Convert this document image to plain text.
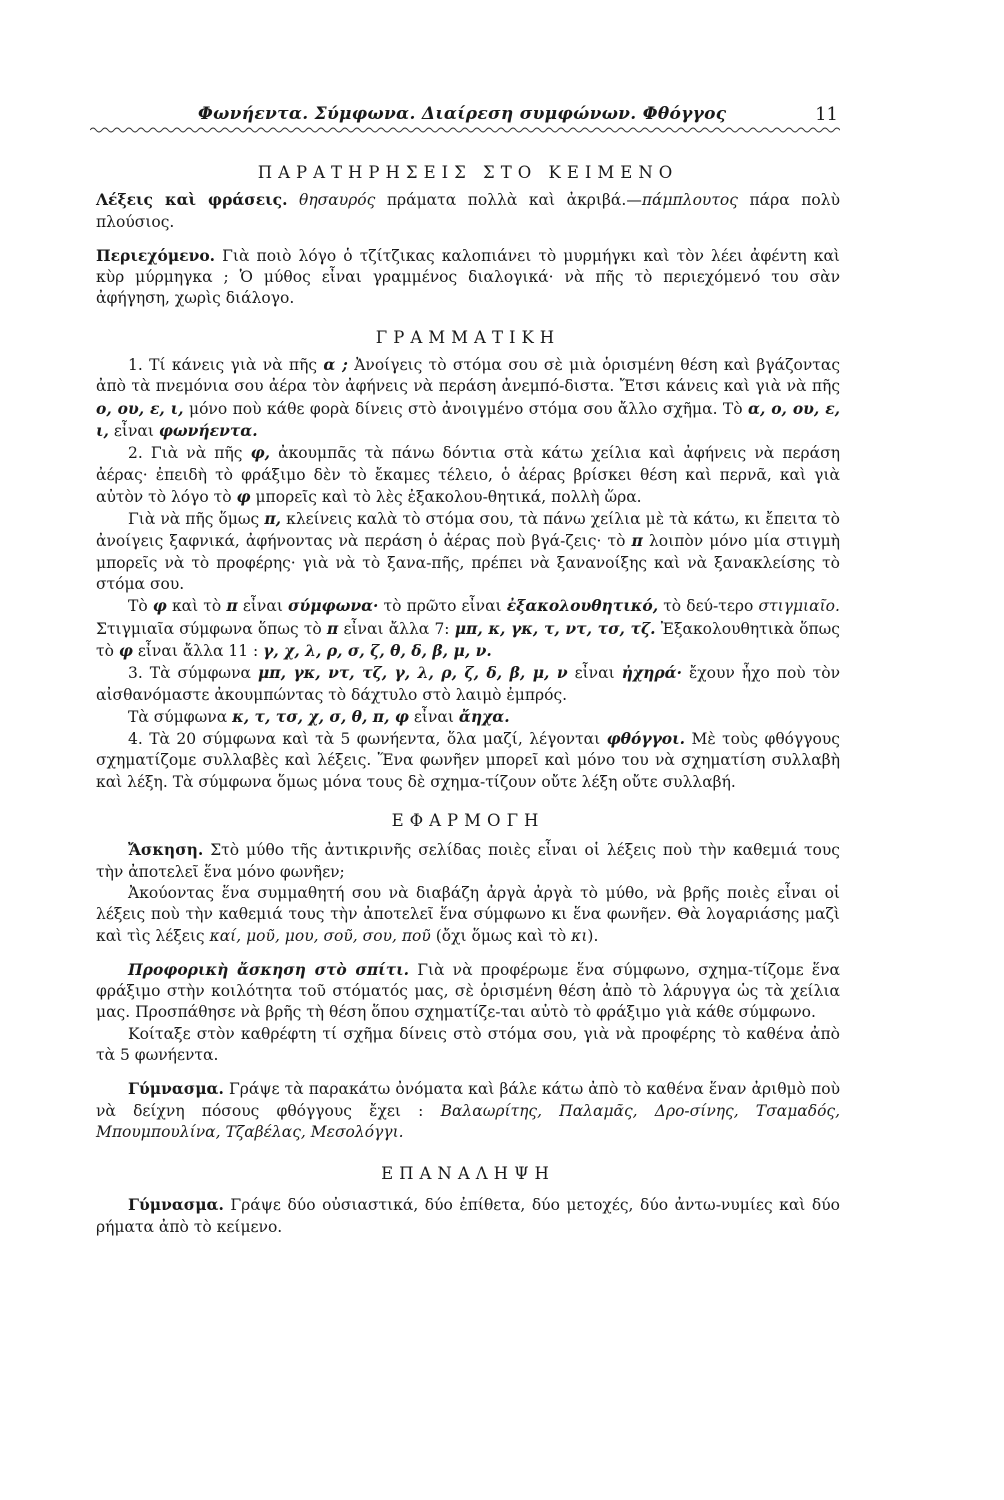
Φωνήεντα. Σύμφωνα. Διαίρεση συμφώνων. Φθόγγος	11
ΠΑΡΑΤΗΡΗΣΕΙΣ ΣΤΟ ΚΕΙΜΕΝΟ

Λέξεις καὶ φράσεις. θησαυρός πράματα πολλὰ καὶ ἀκριβά.—πάμπλουτος πάρα πολὺ πλούσιος.

Περιεχόμενο. Γιὰ ποιὸ λόγο ὁ τζίτζικας καλοπιάνει τὸ μυρμήγκι καὶ τὸν λέει ἀφέντη καὶ κὺρ μύρμηγκα ; Ὁ μύθος εἶναι γραμμένος διαλογικά· νὰ πῆς τὸ περιεχόμενό του σὰν ἀφήγηση, χωρὶς διάλογο.

ΓΡΑΜΜΑΤΙΚΗ

1. Τί κάνεις γιὰ νὰ πῆς α ; Ἀνοίγεις τὸ στόμα σου σὲ μιὰ ὁρισμένη θέση καὶ βγάζοντας ἀπὸ τὰ πνεμόνια σου ἀέρα τὸν ἀφήνεις νὰ περάση ἀνεμπό-διστα. Ἔτσι κάνεις καὶ γιὰ νὰ πῆς ο, ου, ε, ι, μόνο ποὺ κάθε φορὰ δίνεις στὸ ἀνοιγμένο στόμα σου ἄλλο σχῆμα. Τὸ α, ο, ου, ε, ι, εἶναι φωνήεντα.

2. Γιὰ νὰ πῆς φ, ἀκουμπᾶς τὰ πάνω δόντια στὰ κάτω χείλια καὶ ἀφήνεις νὰ περάση ἀέρας· ἐπειδὴ τὸ φράξιμο δὲν τὸ ἔκαμες τέλειο, ὁ ἀέρας βρίσκει θέση καὶ περνᾶ, καὶ γιὰ αὐτὸν τὸ λόγο τὸ φ μπορεῖς καὶ τὸ λὲς ἐξακολου-θητικά, πολλὴ ὥρα.

Γιὰ νὰ πῆς ὅμως π, κλείνεις καλὰ τὸ στόμα σου, τὰ πάνω χείλια μὲ τὰ κάτω, κι ἔπειτα τὸ ἀνοίγεις ξαφνικά, ἀφήνοντας νὰ περάση ὁ ἀέρας ποὺ βγά-ζεις· τὸ π λοιπὸν μόνο μία στιγμὴ μπορεῖς νὰ τὸ προφέρης· γιὰ νὰ τὸ ξανα-πῆς, πρέπει νὰ ξανανοίξης καὶ νὰ ξανακλείσης τὸ στόμα σου.

Τὸ φ καὶ τὸ π εἶναι σύμφωνα· τὸ πρῶτο εἶναι ἐξακολουθητικό, τὸ δεύ-τερο στιγμιαῖο. Στιγμιαῖα σύμφωνα ὅπως τὸ π εἶναι ἄλλα 7: μπ, κ, γκ, τ, ντ, τσ, τζ. Ἐξακολουθητικὰ ὅπως τὸ φ εἶναι ἄλλα 11 : γ, χ, λ, ρ, σ, ζ, θ, δ, β, μ, ν.

3. Τὰ σύμφωνα μπ, γκ, ντ, τζ, γ, λ, ρ, ζ, δ, β, μ, ν εἶναι ἠχηρά· ἔχουν ἦχο ποὺ τὸν αἰσθανόμαστε ἀκουμπώντας τὸ δάχτυλο στὸ λαιμὸ ἐμπρός.

Τὰ σύμφωνα κ, τ, τσ, χ, σ, θ, π, φ εἶναι ἄηχα.

4. Τὰ 20 σύμφωνα καὶ τὰ 5 φωνήεντα, ὅλα μαζί, λέγονται φθόγγοι. Μὲ τοὺς φθόγγους σχηματίζομε συλλαβὲς καὶ λέξεις. Ἕνα φωνῆεν μπορεῖ καὶ μόνο του νὰ σχηματίση συλλαβὴ καὶ λέξη. Τὰ σύμφωνα ὅμως μόνα τους δὲ σχημα-τίζουν οὔτε λέξη οὔτε συλλαβή.

ΕΦΑΡΜΟΓΗ

Ἄσκηση. Στὸ μύθο τῆς ἀντικρινῆς σελίδας ποιὲς εἶναι οἱ λέξεις ποὺ τὴν καθεμιά τους τὴν ἀποτελεῖ ἕνα μόνο φωνῆεν;

Ἀκούοντας ἕνα συμμαθητή σου νὰ διαβάζη ἀργὰ ἀργὰ τὸ μύθο, νὰ βρῆς ποιὲς εἶναι οἱ λέξεις ποὺ τὴν καθεμιά τους τὴν ἀποτελεῖ ἕνα σύμφωνο κι ἕνα φωνῆεν. Θὰ λογαριάσης μαζὶ καὶ τὶς λέξεις καί, μοῦ, μου, σοῦ, σου, ποῦ (ὄχι ὅμως καὶ τὸ κι).

Προφορικὴ ἄσκηση στὸ σπίτι. Γιὰ νὰ προφέρωμε ἕνα σύμφωνο, σχημα-τίζομε ἕνα φράξιμο στὴν κοιλότητα τοῦ στόματός μας, σὲ ὁρισμένη θέση ἀπὸ τὸ λάρυγγα ὡς τὰ χείλια μας. Προσπάθησε νὰ βρῆς τὴ θέση ὅπου σχηματίζε-ται αὐτὸ τὸ φράξιμο γιὰ κάθε σύμφωνο.

Κοίταξε στὸν καθρέφτη τί σχῆμα δίνεις στὸ στόμα σου, γιὰ νὰ προφέρης τὸ καθένα ἀπὸ τὰ 5 φωνήεντα.

Γύμνασμα. Γράψε τὰ παρακάτω ὀνόματα καὶ βάλε κάτω ἀπὸ τὸ καθένα ἕναν ἀριθμὸ ποὺ νὰ δείχνη πόσους φθόγγους ἔχει : Βαλαωρίτης, Παλαμᾶς, Δρο-σίνης, Τσαμαδός, Μπουμπουλίνα, Τζαβέλας, Μεσολόγγι.

ΕΠΑΝΑΛΗΨΗ

Γύμνασμα. Γράψε δύο οὐσιαστικά, δύο ἐπίθετα, δύο μετοχές, δύο ἀντω-νυμίες καὶ δύο ρήματα ἀπὸ τὸ κείμενο.
